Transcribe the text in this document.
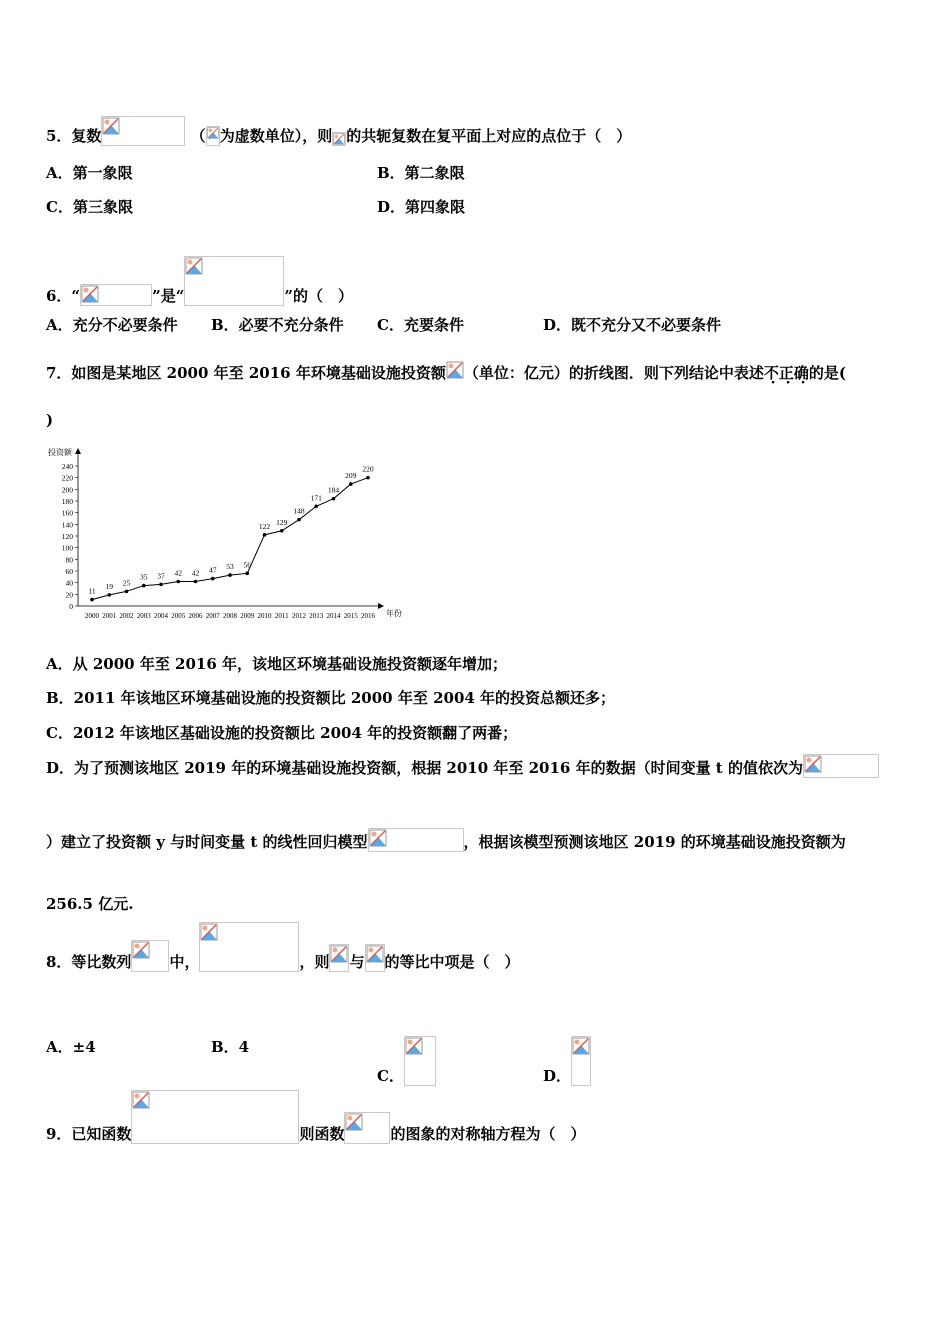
5．复数	（ 为虚数单位），则 的共轭复数在复平面上对应的点位于（　）
A．第一象限	B．第二象限
C．第三象限	D．第四象限
6．“	”是“	”的（　）
A．充分不必要条件 B．必要不充分条件 C．充要条件	D．既不充分又不必要条件
7．如图是某地区 2000 年至 2016 年环境基础设施投资额 （单位：亿元）的折线图．则下列结论中表述不正确的是(
)
投资额
年份
0
20
40
60
80
100
120
140
160
180
200
220
240
2000 2001 2002 2003 2004 2005 2006 2007 2008 2009 2010 2011 2012 2013 2014 2015 2016
11
19 25
35 37 42 42 47 53 56
122 129
148
171
184
209
220
A．从 2000 年至 2016 年，该地区环境基础设施投资额逐年增加；
B．2011 年该地区环境基础设施的投资额比 2000 年至 2004 年的投资总额还多；
C．2012 年该地区基础设施的投资额比 2004 年的投资额翻了两番；
D．为了预测该地区 2019 年的环境基础设施投资额，根据 2010 年至 2016 年的数据（时间变量 t 的值依次为
）建立了投资额 y 与时间变量 t 的线性回归模型	，根据该模型预测该地区 2019 的环境基础设施投资额为
256.5 亿元.
8．等比数列	中，	，则 与 的等比中项是（　）
A．±4	B．4
C．	D．
9．已知函数	则函数	的图象的对称轴方程为（　）
